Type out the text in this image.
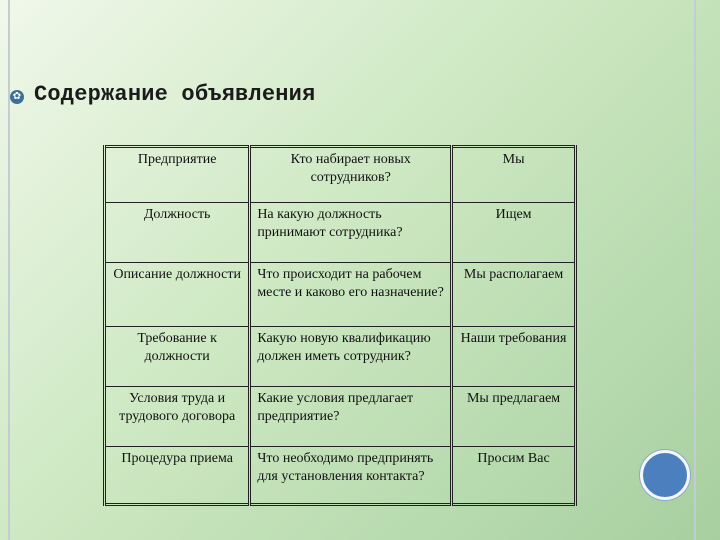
✿ Содержание объявления
Предприятие	Кто набирает новых сотрудников?	Мы
Должность	На какую должность принимают сотрудника?	Ищем
Описание должности	Что происходит на рабочем месте и каково его назначение?	Мы располагаем
Требование к должности	Какую новую квалификацию должен иметь сотрудник?	Наши требования
Условия труда и трудового договора	Какие условия предлагает предприятие?	Мы предлагаем
Процедура приема	Что необходимо предпринять для установления контакта?	Просим Вас
